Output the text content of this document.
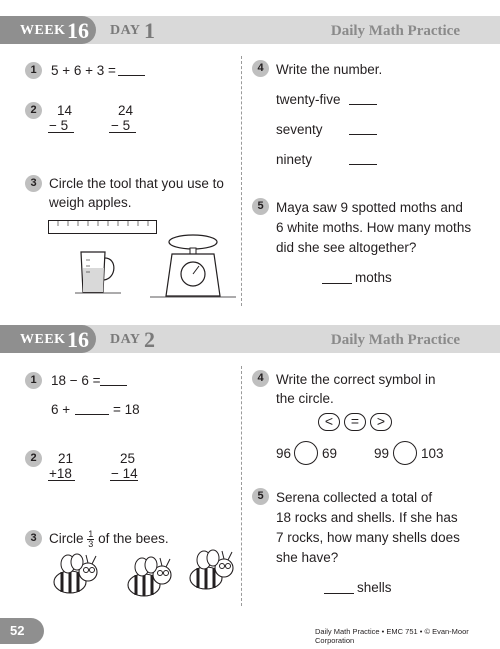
WEEK 16 DAY 1	Daily Math Practice
1	5 + 6 + 3 =
2	14
− 5
24
− 5
3 Circle the tool that you use to
weigh apples.
4 Write the number.
twenty-five
seventy
ninety
5 Maya saw 9 spotted moths and
6 white moths. How many moths
did she see altogether?
moths
WEEK 16 DAY 2	Daily Math Practice
1	18 − 6 =
6 +	= 18
2	21
+18
25
− 14
3 Circle $\frac{1}{3}$ of the bees.
4 Write the correct symbol in
the circle.
<	=	>
96 69	99 103
5 Serena collected a total of
18 rocks and shells. If she has
7 rocks, how many shells does
she have?
shells
52	Daily Math Practice • EMC 751 • © Evan-Moor Corporation
